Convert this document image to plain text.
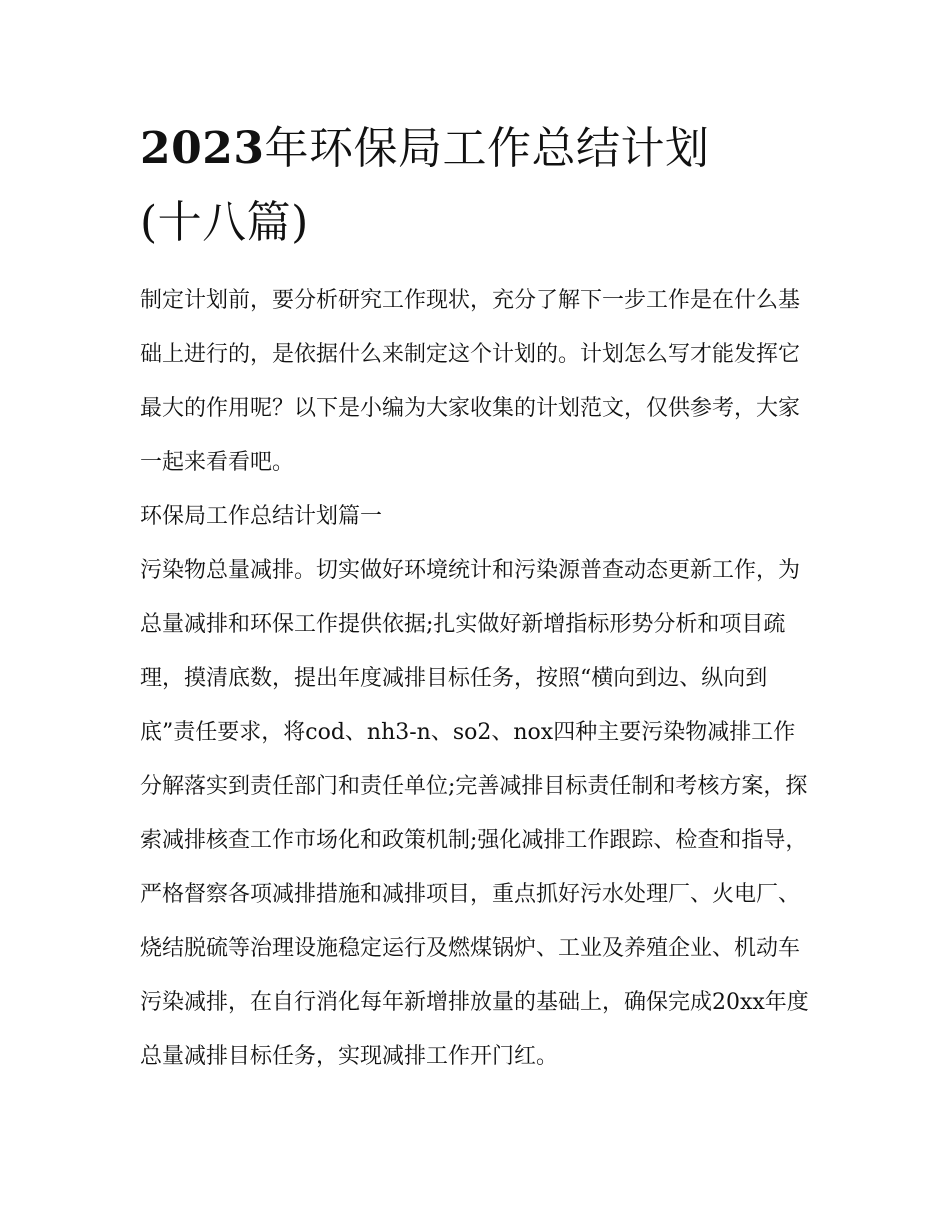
2023年环保局工作总结计划
(十八篇)

制定计划前，要分析研究工作现状，充分了解下一步工作是在什么基础上进行的，是依据什么来制定这个计划的。计划怎么写才能发挥它最大的作用呢？以下是小编为大家收集的计划范文，仅供参考，大家一起来看看吧。

环保局工作总结计划篇一

污染物总量减排。切实做好环境统计和污染源普查动态更新工作，为总量减排和环保工作提供依据;扎实做好新增指标形势分析和项目疏理，摸清底数，提出年度减排目标任务，按照“横向到边、纵向到底”责任要求，将cod、nh3-n、so2、nox四种主要污染物减排工作分解落实到责任部门和责任单位;完善减排目标责任制和考核方案，探索减排核查工作市场化和政策机制;强化减排工作跟踪、检查和指导，严格督察各项减排措施和减排项目，重点抓好污水处理厂、火电厂、烧结脱硫等治理设施稳定运行及燃煤锅炉、工业及养殖企业、机动车污染减排，在自行消化每年新增排放量的基础上，确保完成20xx年度总量减排目标任务，实现减排工作开门红。
